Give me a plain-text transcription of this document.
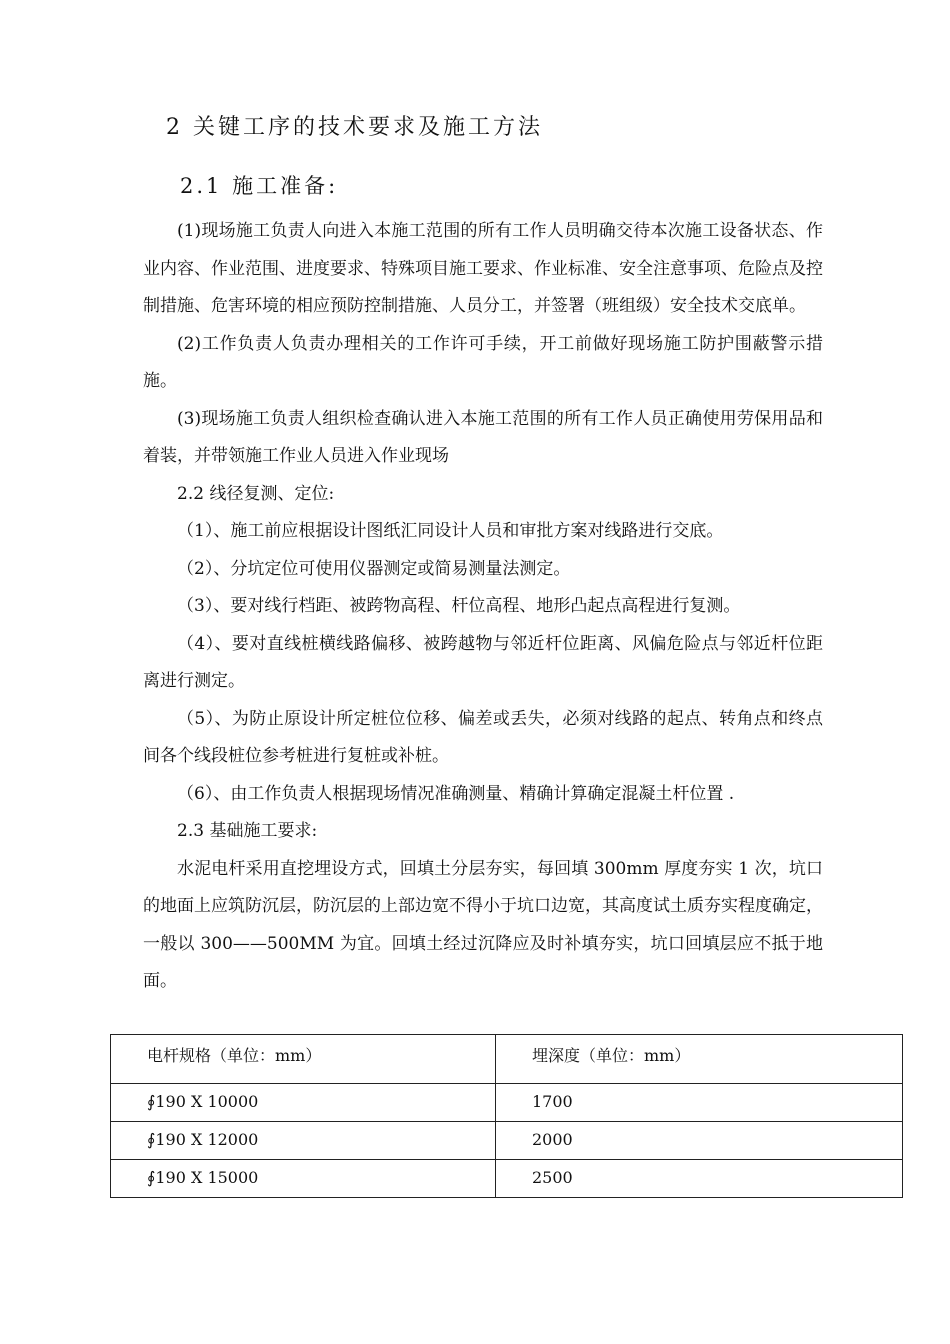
2 关键工序的技术要求及施工方法
2.1 施工准备:

(1)现场施工负责人向进入本施工范围的所有工作人员明确交待本次施工设备状态、作业内容、作业范围、进度要求、特殊项目施工要求、作业标准、安全注意事项、危险点及控制措施、危害环境的相应预防控制措施、人员分工，并签署（班组级）安全技术交底单。

(2)工作负责人负责办理相关的工作许可手续，开工前做好现场施工防护围蔽警示措施。

(3)现场施工负责人组织检查确认进入本施工范围的所有工作人员正确使用劳保用品和着装，并带领施工作业人员进入作业现场

2.2 线径复测、定位:

（1）、施工前应根据设计图纸汇同设计人员和审批方案对线路进行交底。

（2）、分坑定位可使用仪器测定或简易测量法测定。

（3）、要对线行档距、被跨物高程、杆位高程、地形凸起点高程进行复测。

（4）、要对直线桩横线路偏移、被跨越物与邻近杆位距离、风偏危险点与邻近杆位距离进行测定。

（5）、为防止原设计所定桩位位移、偏差或丢失，必须对线路的起点、转角点和终点间各个线段桩位参考桩进行复桩或补桩。

（6）、由工作负责人根据现场情况准确测量、精确计算确定混凝土杆位置 .

2.3 基础施工要求:

水泥电杆采用直挖埋设方式，回填土分层夯实，每回填 300mm 厚度夯实 1 次，坑口的地面上应筑防沉层，防沉层的上部边宽不得小于坑口边宽，其高度试土质夯实程度确定，一般以 300——500MM 为宜。回填土经过沉降应及时补填夯实，坑口回填层应不抵于地面。

电杆规格（单位：mm）	埋深度（单位：mm）
∮190 X 10000	1700
∮190 X 12000	2000
∮190 X 15000	2500
